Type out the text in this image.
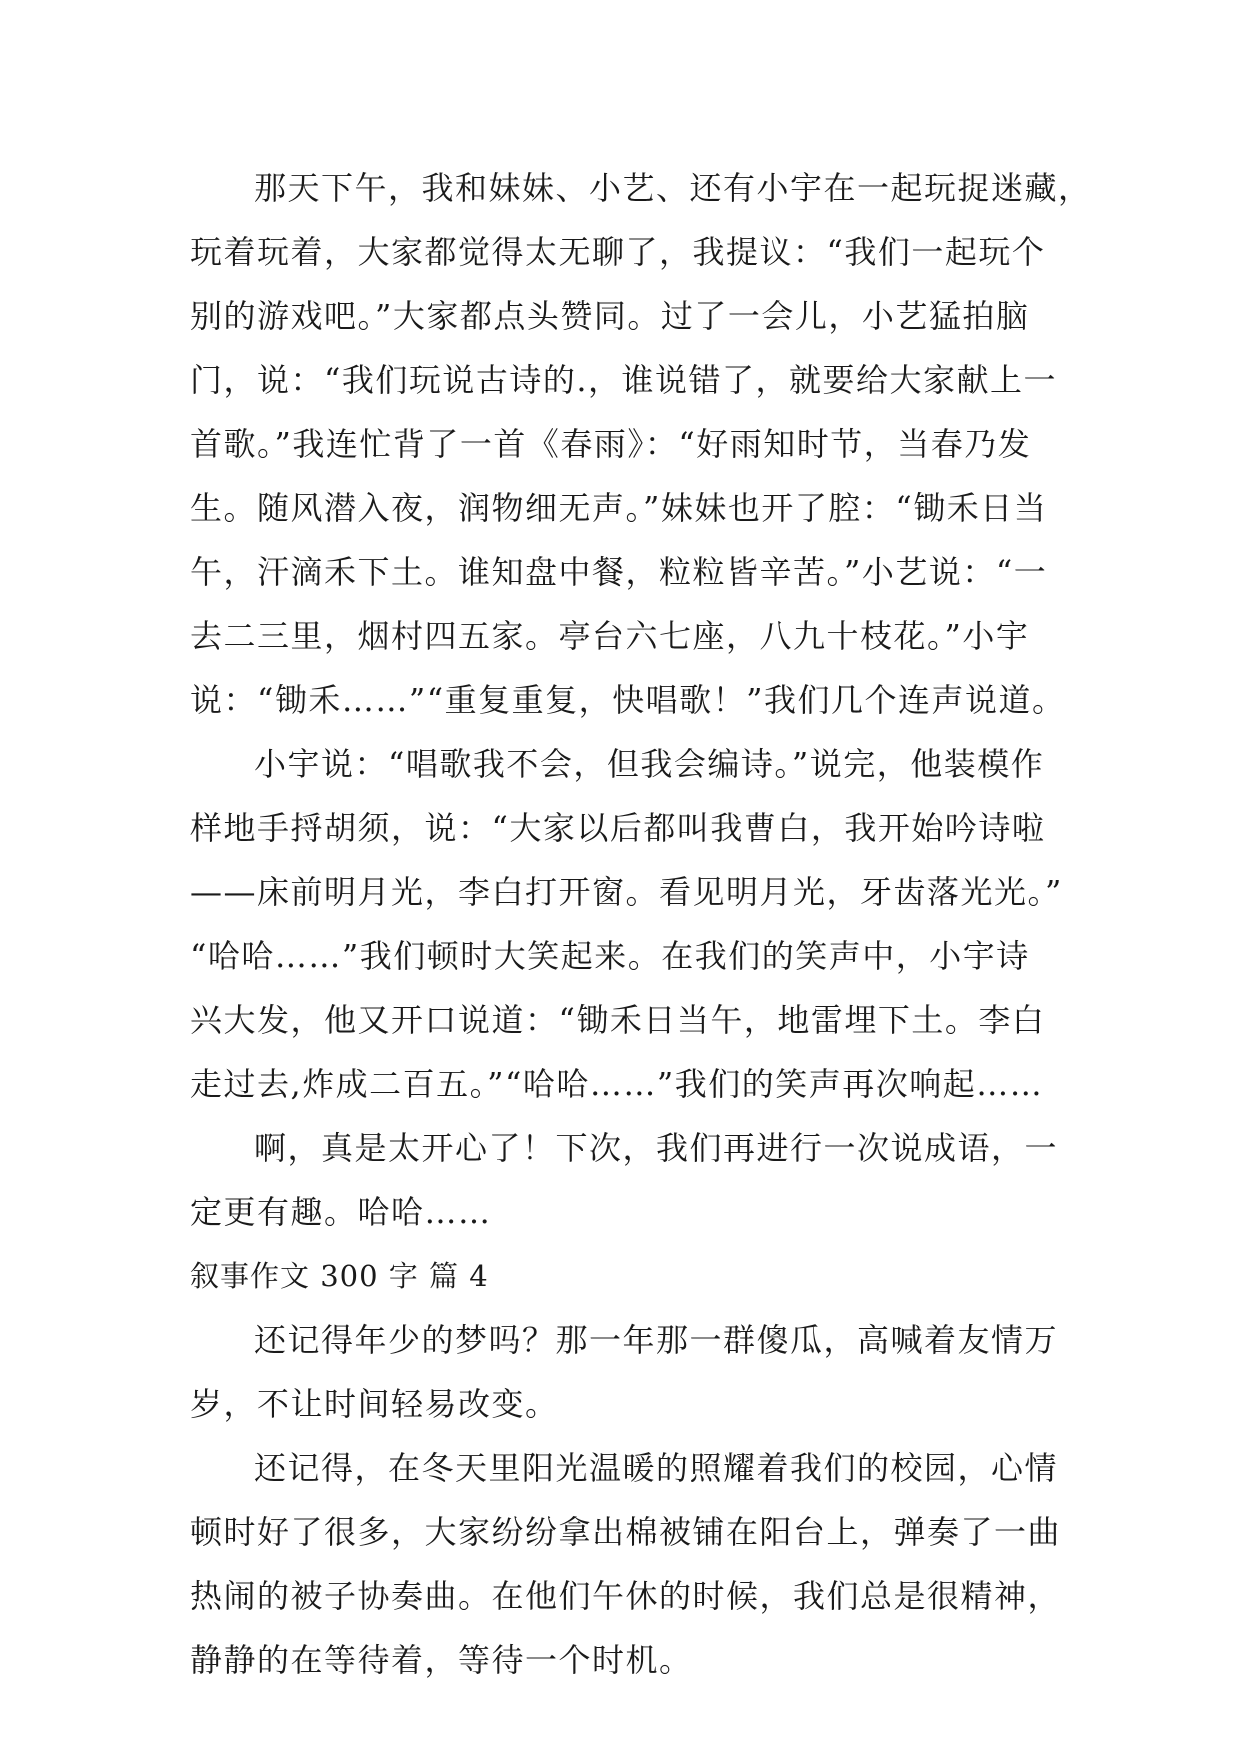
那天下午，我和妹妹、小艺、还有小宇在一起玩捉迷藏，
玩着玩着，大家都觉得太无聊了，我提议：“我们一起玩个
别的游戏吧。”大家都点头赞同。过了一会儿，小艺猛拍脑
门，说：“我们玩说古诗的.，谁说错了，就要给大家献上一
首歌。”我连忙背了一首《春雨》：“好雨知时节，当春乃发
生。随风潜入夜，润物细无声。”妹妹也开了腔：“锄禾日当
午，汗滴禾下土。谁知盘中餐，粒粒皆辛苦。”小艺说：“一
去二三里，烟村四五家。亭台六七座，八九十枝花。”小宇
说：“锄禾……”“重复重复，快唱歌！”我们几个连声说道。
小宇说：“唱歌我不会，但我会编诗。”说完，他装模作
样地手捋胡须，说：“大家以后都叫我曹白，我开始吟诗啦
——床前明月光，李白打开窗。看见明月光，牙齿落光光。”
“哈哈……”我们顿时大笑起来。在我们的笑声中，小宇诗
兴大发，他又开口说道：“锄禾日当午，地雷埋下土。李白
走过去,炸成二百五。”“哈哈……”我们的笑声再次响起……
啊，真是太开心了！下次，我们再进行一次说成语，一
定更有趣。哈哈……
叙事作文 300 字 篇 4
还记得年少的梦吗？那一年那一群傻瓜，高喊着友情万
岁，不让时间轻易改变。
还记得，在冬天里阳光温暖的照耀着我们的校园，心情
顿时好了很多，大家纷纷拿出棉被铺在阳台上，弹奏了一曲
热闹的被子协奏曲。在他们午休的时候，我们总是很精神，
静静的在等待着，等待一个时机。
